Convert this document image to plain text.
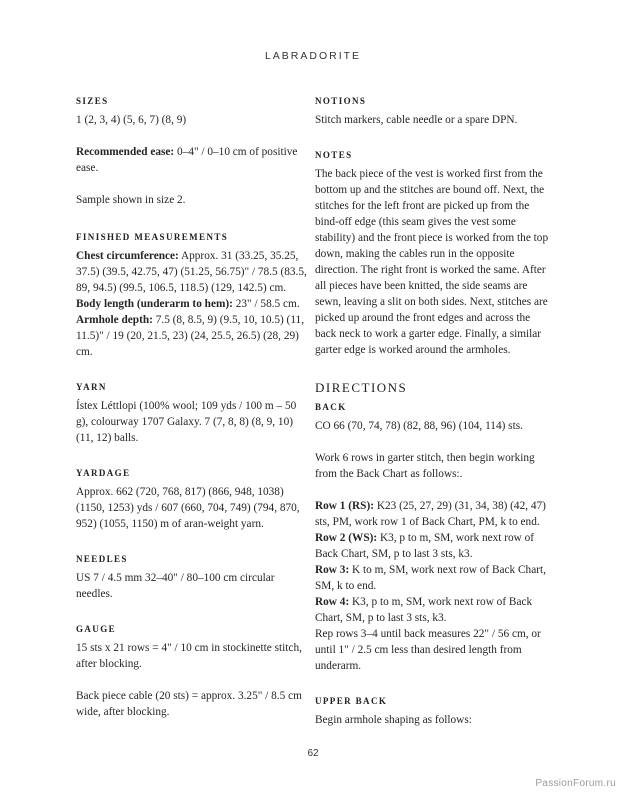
LABRADORITE
SIZES

1 (2, 3, 4) (5, 6, 7) (8, 9)

Recommended ease: 0–4" / 0–10 cm of positive ease.

Sample shown in size 2.

FINISHED MEASUREMENTS

Chest circumference: Approx. 31 (33.25, 35.25, 37.5) (39.5, 42.75, 47) (51.25, 56.75)" / 78.5 (83.5, 89, 94.5) (99.5, 106.5, 118.5) (129, 142.5) cm.

Body length (underarm to hem): 23" / 58.5 cm.

Armhole depth: 7.5 (8, 8.5, 9) (9.5, 10, 10.5) (11, 11.5)" / 19 (20, 21.5, 23) (24, 25.5, 26.5) (28, 29) cm.

YARN

Ístex Léttlopi (100% wool; 109 yds / 100 m – 50 g), colourway 1707 Galaxy. 7 (7, 8, 8) (8, 9, 10) (11, 12) balls.

YARDAGE

Approx. 662 (720, 768, 817) (866, 948, 1038) (1150, 1253) yds / 607 (660, 704, 749) (794, 870, 952) (1055, 1150) m of aran-weight yarn.

NEEDLES

US 7 / 4.5 mm 32–40" / 80–100 cm circular needles.

GAUGE

15 sts x 21 rows = 4" / 10 cm in stockinette stitch, after blocking.

Back piece cable (20 sts) = approx. 3.25" / 8.5 cm wide, after blocking.

NOTIONS

Stitch markers, cable needle or a spare DPN.

NOTES

The back piece of the vest is worked first from the bottom up and the stitches are bound off. Next, the stitches for the left front are picked up from the bind-off edge (this seam gives the vest some stability) and the front piece is worked from the top down, making the cables run in the opposite direction. The right front is worked the same. After all pieces have been knitted, the side seams are sewn, leaving a slit on both sides. Next, stitches are picked up around the front edges and across the back neck to work a garter edge. Finally, a similar garter edge is worked around the armholes.

DIRECTIONS
BACK

CO 66 (70, 74, 78) (82, 88, 96) (104, 114) sts.

Work 6 rows in garter stitch, then begin working from the Back Chart as follows:.

Row 1 (RS): K23 (25, 27, 29) (31, 34, 38) (42, 47) sts, PM, work row 1 of Back Chart, PM, k to end.

Row 2 (WS): K3, p to m, SM, work next row of Back Chart, SM, p to last 3 sts, k3.

Row 3: K to m, SM, work next row of Back Chart, SM, k to end.

Row 4: K3, p to m, SM, work next row of Back Chart, SM, p to last 3 sts, k3.

Rep rows 3–4 until back measures 22" / 56 cm, or until 1" / 2.5 cm less than desired length from underarm.

UPPER BACK

Begin armhole shaping as follows:

62
PassionForum.ru
